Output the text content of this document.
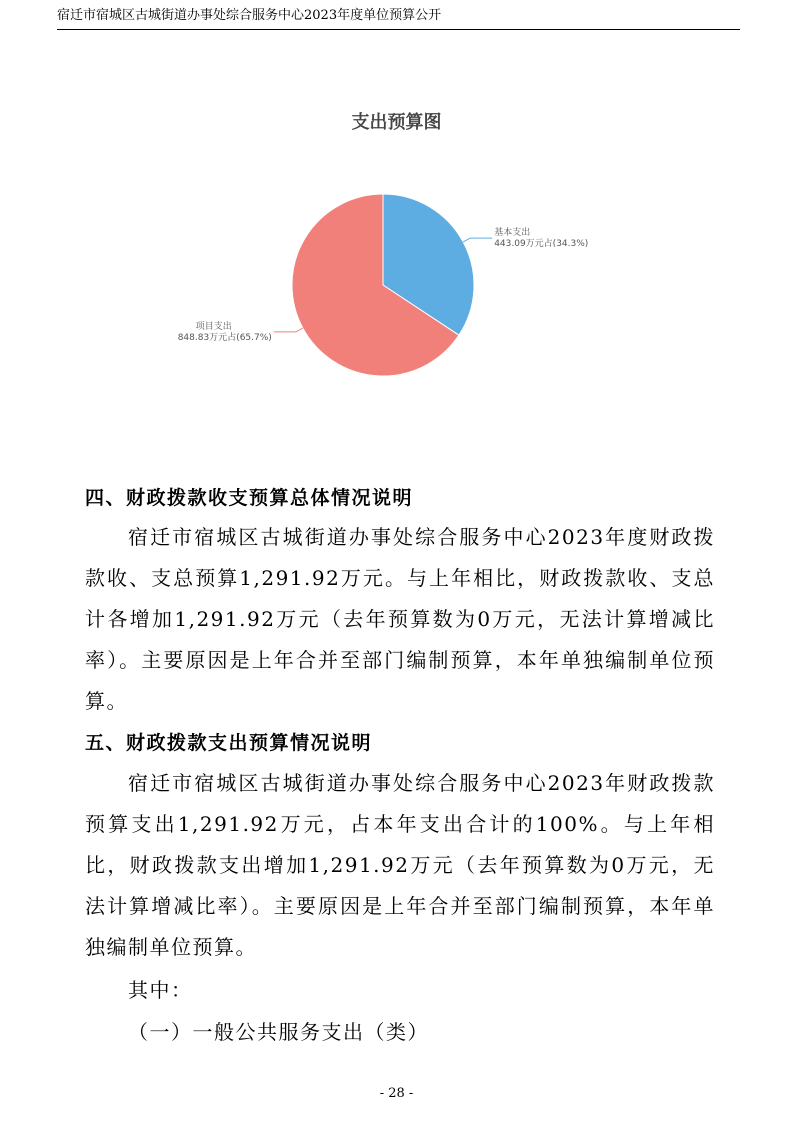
宿迁市宿城区古城街道办事处综合服务中心2023年度单位预算公开
支出预算图
基本支出
443.09万元占(34.3%)
项目支出
848.83万元占(65.7%)
四、财政拨款收支预算总体情况说明
宿迁市宿城区古城街道办事处综合服务中心2023年度财政拨款收、支总预算1,291.92万元。与上年相比，财政拨款收、支总计各增加1,291.92万元（去年预算数为0万元，无法计算增减比率）。主要原因是上年合并至部门编制预算，本年单独编制单位预算。
五、财政拨款支出预算情况说明
宿迁市宿城区古城街道办事处综合服务中心2023年财政拨款预算支出1,291.92万元，占本年支出合计的100%。与上年相比，财政拨款支出增加1,291.92万元（去年预算数为0万元，无法计算增减比率）。主要原因是上年合并至部门编制预算，本年单独编制单位预算。
其中：
（一）一般公共服务支出（类）
- 28 -
